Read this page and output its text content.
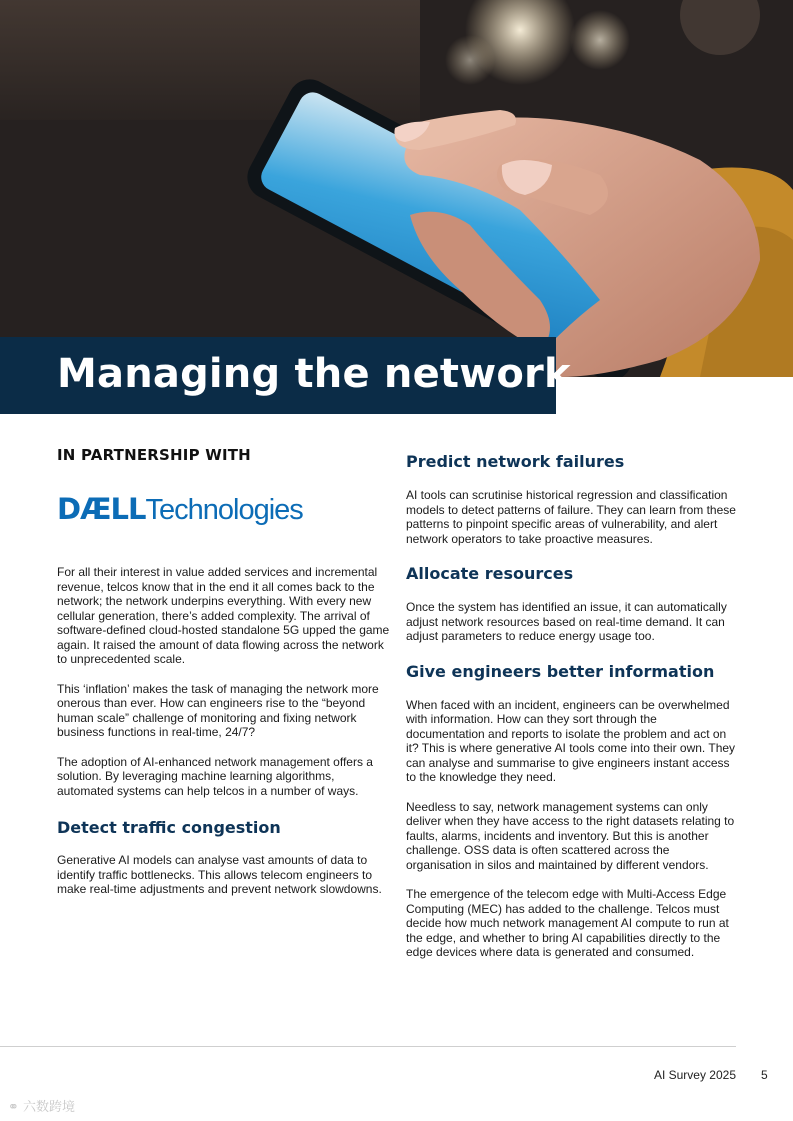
Managing the network
IN PARTNERSHIP WITH
DÆLLTechnologies

For all their interest in value added services and incremental revenue, telcos know that in the end it all comes back to the network; the network underpins everything. With every new cellular generation, there’s added complexity. The arrival of software-defined cloud-hosted standalone 5G upped the game again. It raised the amount of data flowing across the network to unprecedented scale.

This ‘inflation’ makes the task of managing the network more onerous than ever. How can engineers rise to the “beyond human scale” challenge of monitoring and fixing network business functions in real-time, 24/7?

The adoption of AI-enhanced network management offers a solution. By leveraging machine learning algorithms, automated systems can help telcos in a number of ways.

Detect traffic congestion

Generative AI models can analyse vast amounts of data to identify traffic bottlenecks. This allows telecom engineers to make real-time adjustments and prevent network slowdowns.

Predict network failures

AI tools can scrutinise historical regression and classification models to detect patterns of failure. They can learn from these patterns to pinpoint specific areas of vulnerability, and alert network operators to take proactive measures.

Allocate resources

Once the system has identified an issue, it can automatically adjust network resources based on real-time demand. It can adjust parameters to reduce energy usage too.

Give engineers better information

When faced with an incident, engineers can be overwhelmed with information. How can they sort through the documentation and reports to isolate the problem and act on it? This is where generative AI tools come into their own. They can analyse and summarise to give engineers instant access to the knowledge they need.

Needless to say, network management systems can only deliver when they have access to the right datasets relating to faults, alarms, incidents and inventory. But this is another challenge. OSS data is often scattered across the organisation in silos and maintained by different vendors.

The emergence of the telecom edge with Multi-Access Edge Computing (MEC) has added to the challenge. Telcos must decide how much network management AI compute to run at the edge, and whether to bring AI capabilities directly to the edge devices where data is generated and consumed.

AI Survey 2025 5
⚭ 六数跨境
